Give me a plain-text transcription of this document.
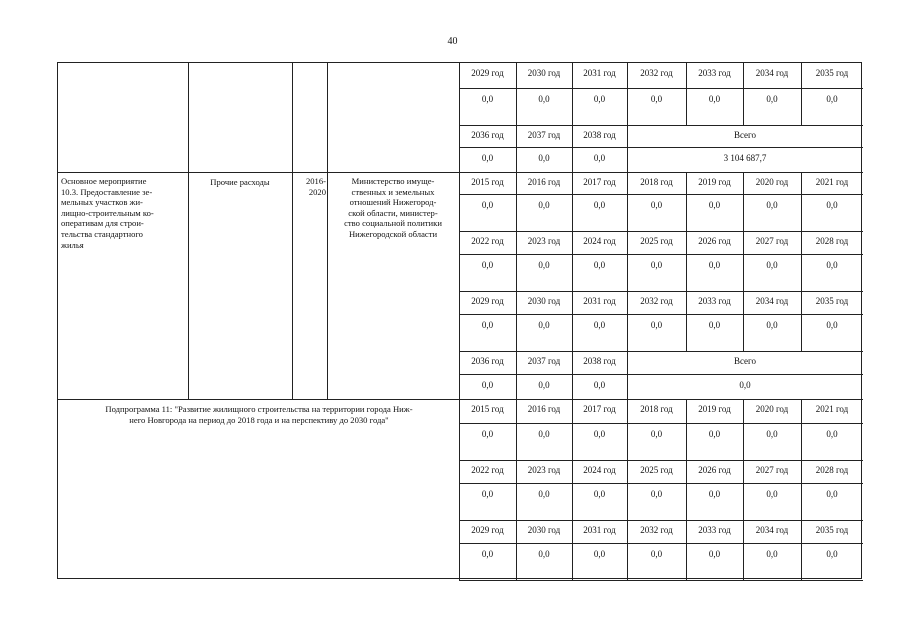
40
2029 год
0,0
2030 год
0,0
2031 год
0,0
2032 год
0,0
2033 год
0,0
2034 год
0,0
2035 год
0,0
2036 год
0,0
2037 год
0,0
2038 год
0,0
Всего
3 104 687,7
Основное мероприятие
10.3. Предоставление зе-
мельных участков жи-
лищно-строительным ко-
оперативам для строи-
тельства стандартного
жилья
Прочие расходы	2016-
2020
Министерство имуще-
ственных и земельных
отношений Нижегород-
ской области, министер-
ство социальной политики
Нижегородской области
2015 год
0,0
2016 год
0,0
2017 год
0,0
2018 год
0,0
2019 год
0,0
2020 год
0,0
2021 год
0,0
2022 год
0,0
2023 год
0,0
2024 год
0,0
2025 год
0,0
2026 год
0,0
2027 год
0,0
2028 год
0,0
2029 год
0,0
2030 год
0,0
2031 год
0,0
2032 год
0,0
2033 год
0,0
2034 год
0,0
2035 год
0,0
2036 год
0,0
2037 год
0,0
2038 год
0,0
Всего
0,0
Подпрограмма 11: "Развитие жилищного строительства на территории города Ниж-
него Новгорода на период до 2018 года и на перспективу до 2030 года"
2015 год
0,0
2016 год
0,0
2017 год
0,0
2018 год
0,0
2019 год
0,0
2020 год
0,0
2021 год
0,0
2022 год
0,0
2023 год
0,0
2024 год
0,0
2025 год
0,0
2026 год
0,0
2027 год
0,0
2028 год
0,0
2029 год
0,0
2030 год
0,0
2031 год
0,0
2032 год
0,0
2033 год
0,0
2034 год
0,0
2035 год
0,0
